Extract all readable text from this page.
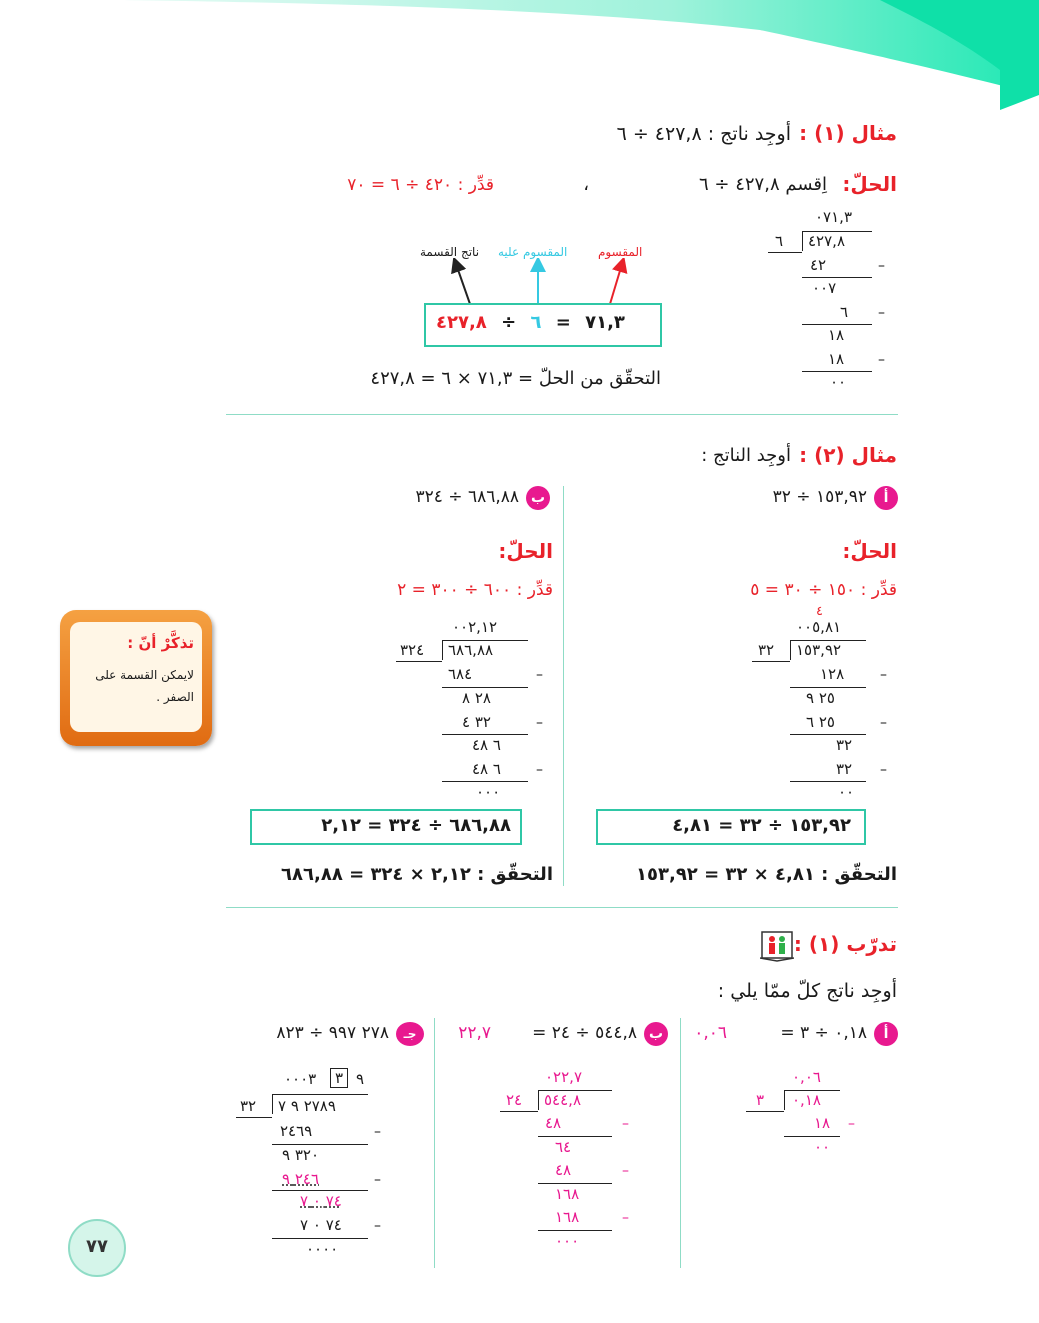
مثال (١) :
أوجِد ناتج : ٤٢٧,٨ ÷ ٦
الحلّ:
اِقسم ٤٢٧,٨ ÷ ٦
،
قدِّر : ٤٢٠ ÷ ٦ = ٧٠
٠٧١,٣
٤٢٧,٨
٦
٤٢	–
٠٠٧
٦ –
١٨
١٨ –
٠٠
المقسوم
المقسوم عليه
ناتج القسمة
٧١,٣ = ٦ ÷ ٤٢٧,٨
التحقّق من الحلّ = ٧١,٣ × ٦ = ٤٢٧,٨
مثال (٢) :
أوجِد الناتج :
أ
١٥٣,٩٢ ÷ ٣٢
الحلّ:
قدِّر : ١٥٠ ÷ ٣٠ = ٥
٤
٠٠٥,٨١
١٥٣,٩٢
٣٢
١٢٨	–
٢٥ ٩
٢٥ ٦	–
٣٢
٣٢ –
٠٠
١٥٣,٩٢ ÷ ٣٢ = ٤,٨١
التحقّق : ٤,٨١ × ٣٢ = ١٥٣,٩٢
ب
٦٨٦,٨٨ ÷ ٣٢٤
الحلّ:
قدِّر : ٦٠٠ ÷ ٣٠٠ = ٢
٠٠٢,١٢
٦٨٦,٨٨
٣٢٤
٦٨٤	–
٢٨ ٨
٣٢ ٤	–
٦ ٤٨
٦ ٤٨	–
٠٠٠
٦٨٦,٨٨ ÷ ٣٢٤ = ٢,١٢
التحقّق : ٢,١٢ × ٣٢٤ = ٦٨٦,٨٨
تذكَّرْ أنّ :
لايمكن القسمة على
الصفر .
تدرّب (١) :
أوجِد ناتج كلّ ممّا يلي :
أ
٠,١٨ ÷ ٣ =
٠,٠٦
٠,٠٦
٠,١٨
٣
١٨ –
٠٠
ب
٥٤٤,٨ ÷ ٢٤ =
٢٢,٧
٠٢٢,٧
٥٤٤,٨
٢٤
٤٨	–
٦٤
٤٨	–
١٦٨
١٦٨	–
٠٠٠
جـ
٢٧٨ ٩٩٧ ÷ ٨٢٣
٩
٣
٠٠٠٣
٢٧٨٩ ٩ ٧
٣٢
٢٤٦٩	–
٣٢٠ ٩
٢٤٦ ٩	–
٧٤ ٠ ٧
٧٤ ٠ ٧ –
٠٠٠٠
٧٧
